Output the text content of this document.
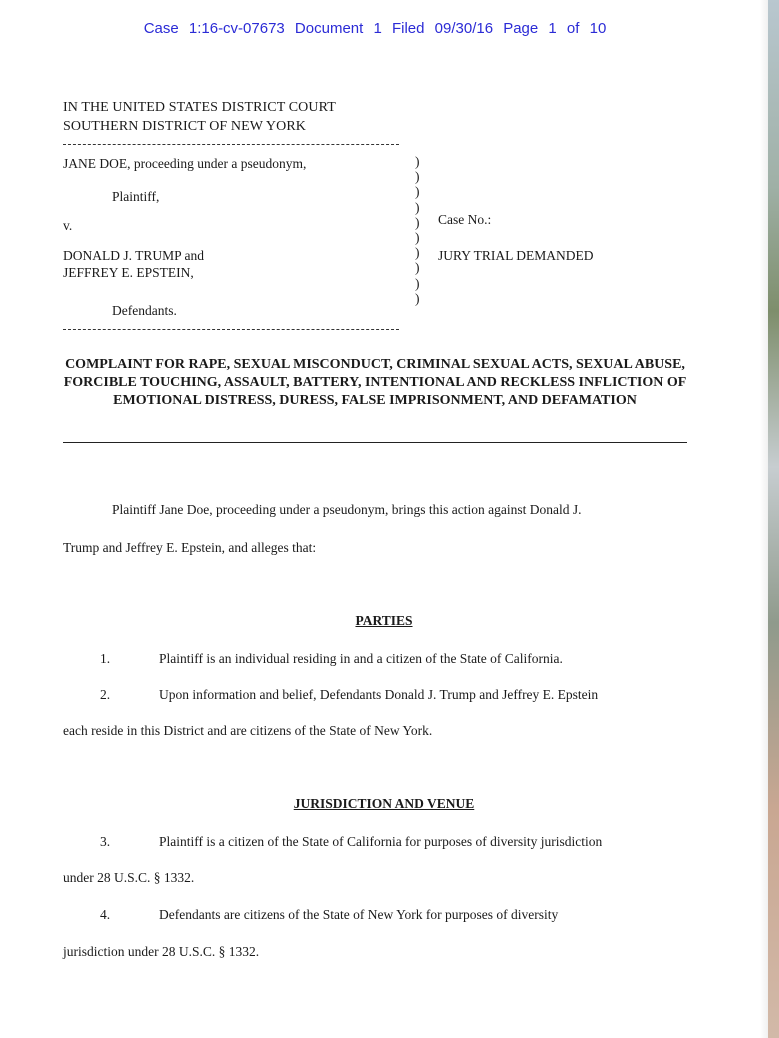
Case 1:16-cv-07673 Document 1 Filed 09/30/16 Page 1 of 10
IN THE UNITED STATES DISTRICT COURT
SOUTHERN DISTRICT OF NEW YORK
JANE DOE, proceeding under a pseudonym,
Plaintiff,
v.
DONALD J. TRUMP and
JEFFREY E. EPSTEIN,
Defendants.
)
)
)
)
)
)
)
)
)
)
Case No.:
JURY TRIAL DEMANDED
COMPLAINT FOR RAPE, SEXUAL MISCONDUCT, CRIMINAL SEXUAL ACTS, SEXUAL ABUSE, FORCIBLE TOUCHING, ASSAULT, BATTERY, INTENTIONAL AND RECKLESS INFLICTION OF EMOTIONAL DISTRESS, DURESS, FALSE IMPRISONMENT, AND DEFAMATION
Plaintiff Jane Doe, proceeding under a pseudonym, brings this action against Donald J.
Trump and Jeffrey E. Epstein, and alleges that:
PARTIES
1.	Plaintiff is an individual residing in and a citizen of the State of California.
2.	Upon information and belief, Defendants Donald J. Trump and Jeffrey E. Epstein
each reside in this District and are citizens of the State of New York.
JURISDICTION AND VENUE
3.	Plaintiff is a citizen of the State of California for purposes of diversity jurisdiction
under 28 U.S.C. § 1332.
4.	Defendants are citizens of the State of New York for purposes of diversity
jurisdiction under 28 U.S.C. § 1332.
